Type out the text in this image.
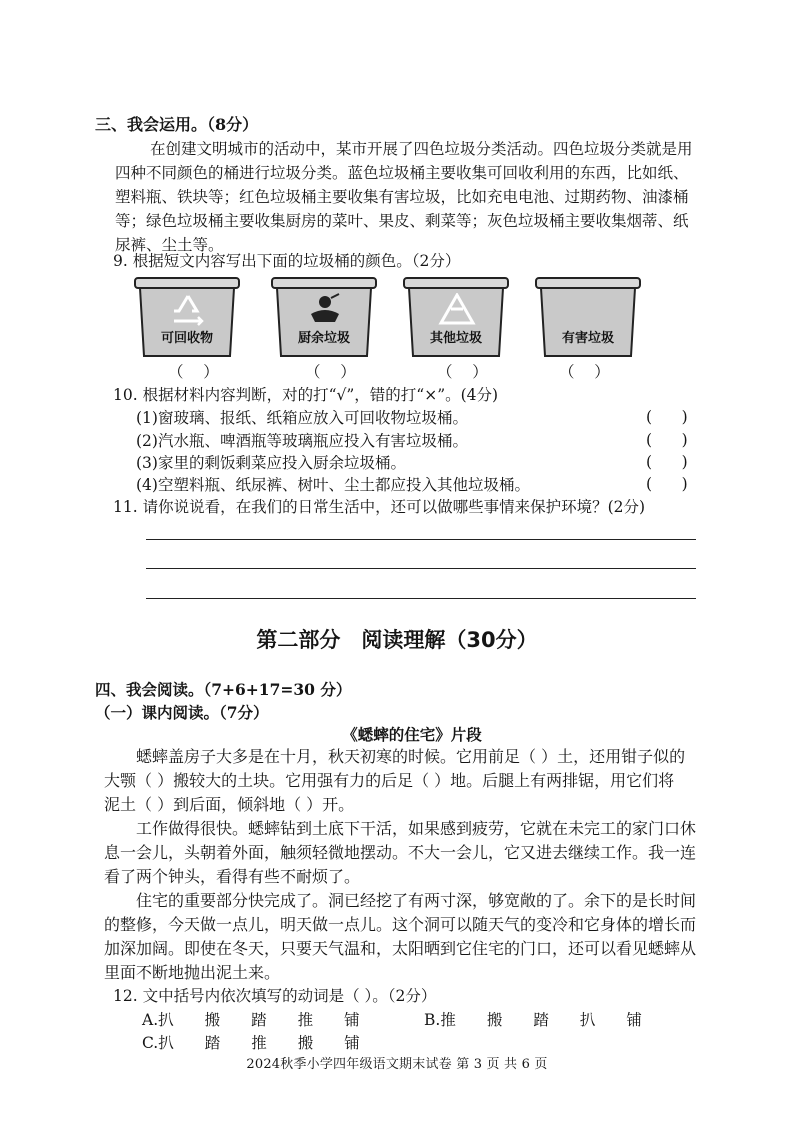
三、我会运用。（8分）
在创建文明城市的活动中，某市开展了四色垃圾分类活动。四色垃圾分类就是用
四种不同颜色的桶进行垃圾分类。蓝色垃圾桶主要收集可回收利用的东西，比如纸、
塑料瓶、铁块等；红色垃圾桶主要收集有害垃圾，比如充电电池、过期药物、油漆桶
等；绿色垃圾桶主要收集厨房的菜叶、果皮、剩菜等；灰色垃圾桶主要收集烟蒂、纸
尿裤、尘土等。
9. 根据短文内容写出下面的垃圾桶的颜色。（2分）
可回收物
（    ）
厨余垃圾
（    ）
其他垃圾
（    ）
有害垃圾
（    ）
10. 根据材料内容判断，对的打“√”，错的打“×”。(4分)
(1)窗玻璃、报纸、纸箱应放入可回收物垃圾桶。	(      )
(2)汽水瓶、啤酒瓶等玻璃瓶应投入有害垃圾桶。	(      )
(3)家里的剩饭剩菜应投入厨余垃圾桶。	(      )
(4)空塑料瓶、纸尿裤、树叶、尘土都应投入其他垃圾桶。	(      )
11. 请你说说看，在我们的日常生活中，还可以做哪些事情来保护环境？(2分)
第二部分　阅读理解（30分）
四、我会阅读。（7+6+17=30 分）
（一）课内阅读。（7分）
《蟋蟀的住宅》片段
蟋蟀盖房子大多是在十月，秋天初寒的时候。它用前足（ ）土，还用钳子似的
大颚（ ）搬较大的土块。它用强有力的后足（ ）地。后腿上有两排锯，用它们将
泥土（ ）到后面，倾斜地（ ）开。
工作做得很快。蟋蟀钻到土底下干活，如果感到疲劳，它就在未完工的家门口休
息一会儿，头朝着外面，触须轻微地摆动。不大一会儿，它又进去继续工作。我一连
看了两个钟头，看得有些不耐烦了。
住宅的重要部分快完成了。洞已经挖了有两寸深，够宽敞的了。余下的是长时间
的整修，今天做一点儿，明天做一点儿。这个洞可以随天气的变冷和它身体的增长而
加深加阔。即使在冬天，只要天气温和，太阳晒到它住宅的门口，还可以看见蟋蟀从
里面不断地抛出泥土来。
12. 文中括号内依次填写的动词是（ ）。（2分）
A.扒　　搬　　踏　　推　　铺	B.推　　搬　　踏　　扒　　铺
C.扒　　踏　　推　　搬　　铺
2024秋季小学四年级语文期末试卷 第 3 页 共 6 页
